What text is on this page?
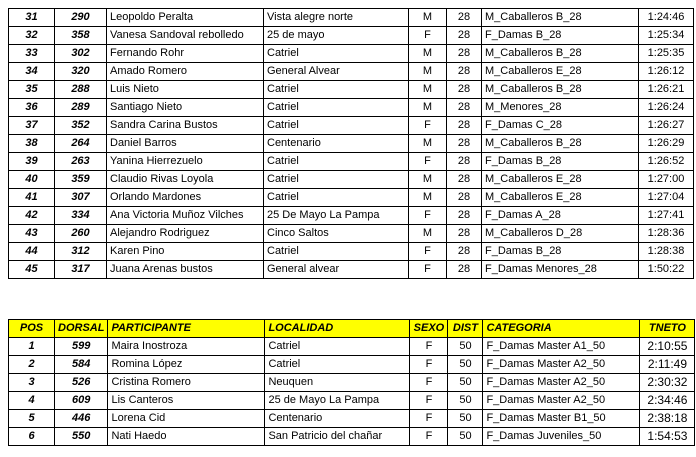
31	290	Leopoldo Peralta	Vista alegre norte	M	28	M_Caballeros B_28	1:24:46
32	358	Vanesa Sandoval rebolledo	25 de mayo	F	28	F_Damas B_28	1:25:34
33	302	Fernando Rohr	Catriel	M	28	M_Caballeros B_28	1:25:35
34	320	Amado Romero	General Alvear	M	28	M_Caballeros E_28	1:26:12
35	288	Luis Nieto	Catriel	M	28	M_Caballeros B_28	1:26:21
36	289	Santiago Nieto	Catriel	M	28	M_Menores_28	1:26:24
37	352	Sandra Carina Bustos	Catriel	F	28	F_Damas C_28	1:26:27
38	264	Daniel Barros	Centenario	M	28	M_Caballeros B_28	1:26:29
39	263	Yanina Hierrezuelo	Catriel	F	28	F_Damas B_28	1:26:52
40	359	Claudio Rivas Loyola	Catriel	M	28	M_Caballeros E_28	1:27:00
41	307	Orlando Mardones	Catriel	M	28	M_Caballeros E_28	1:27:04
42	334	Ana Victoria Muñoz Vilches	25 De Mayo La Pampa	F	28	F_Damas A_28	1:27:41
43	260	Alejandro Rodriguez	Cinco Saltos	M	28	M_Caballeros D_28	1:28:36
44	312	Karen Pino	Catriel	F	28	F_Damas B_28	1:28:38
45	317	Juana Arenas bustos	General alvear	F	28	F_Damas Menores_28	1:50:22
POS	DORSAL	PARTICIPANTE	LOCALIDAD	SEXO	DIST	CATEGORIA	TNETO
1	599	Maira Inostroza	Catriel	F	50	F_Damas Master A1_50	2:10:55
2	584	Romina López	Catriel	F	50	F_Damas Master A2_50	2:11:49
3	526	Cristina Romero	Neuquen	F	50	F_Damas Master A2_50	2:30:32
4	609	Lis Canteros	25 de Mayo La Pampa	F	50	F_Damas Master A2_50	2:34:46
5	446	Lorena Cid	Centenario	F	50	F_Damas Master B1_50	2:38:18
6	550	Nati Haedo	San Patricio del chañar	F	50	F_Damas Juveniles_50	1:54:53
